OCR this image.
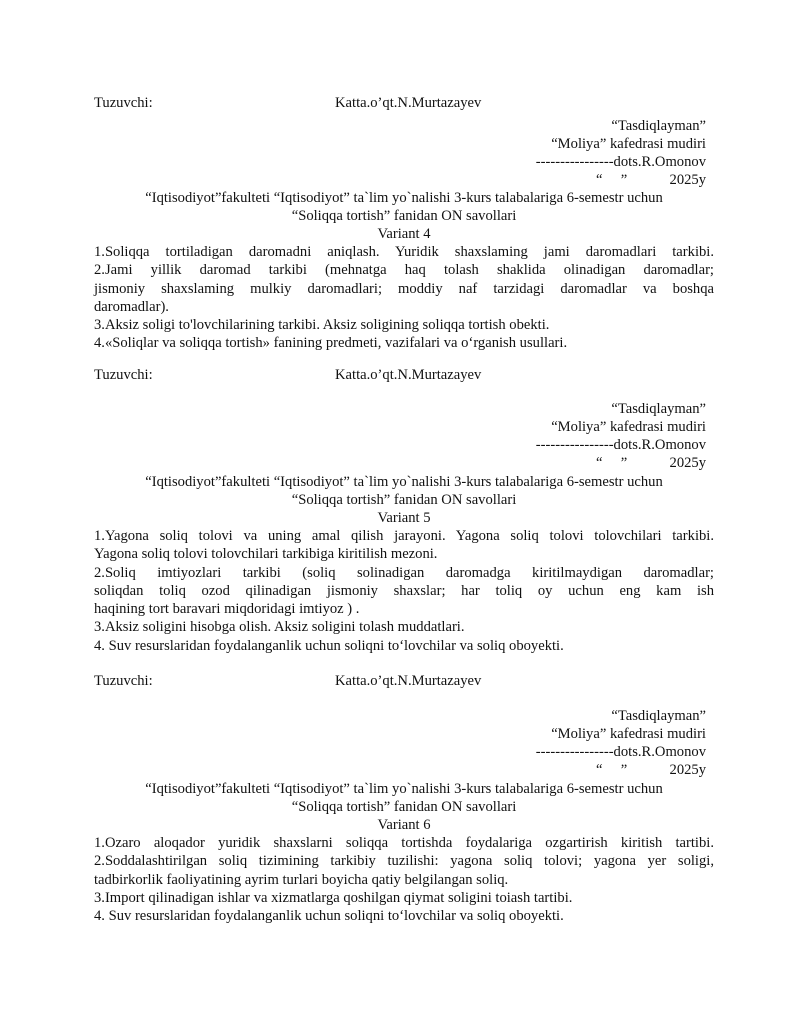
Tuzuvchi:	Katta.o’qt.N.Murtazayev
“Tasdiqlayman”
“Moliya” kafedrasi mudiri
----------------dots.R.Omonov
“     ”	2025y
“Iqtisodiyot”fakulteti “Iqtisodiyot” ta`lim yo`nalishi 3-kurs talabalariga 6-semestr uchun
“Soliqqa tortish” fanidan ON savollari
Variant 4
1.Soliqqa tortiladigan daromadni aniqlash. Yuridik shaxslaming jami daromadlari tarkibi.
2.Jami yillik daromad tarkibi (mehnatga haq tolash shaklida olinadigan daromadlar;
jismoniy shaxslaming mulkiy daromadlari; moddiy naf tarzidagi daromadlar va boshqa
daromadlar).
3.Aksiz soligi to'lovchilarining tarkibi. Aksiz soligining soliqqa tortish obekti.
4.«Soliqlar va soliqqa tortish» fanining predmeti, vazifalari va o‘rganish usullari.
Tuzuvchi:	Katta.o’qt.N.Murtazayev
“Tasdiqlayman”
“Moliya” kafedrasi mudiri
----------------dots.R.Omonov
“     ”	2025y
“Iqtisodiyot”fakulteti “Iqtisodiyot” ta`lim yo`nalishi 3-kurs talabalariga 6-semestr uchun
“Soliqqa tortish” fanidan ON savollari
Variant 5
1.Yagona soliq tolovi va uning amal qilish jarayoni. Yagona soliq tolovi tolovchilari tarkibi.
Yagona soliq tolovi tolovchilari tarkibiga kiritilish mezoni.
2.Soliq imtiyozlari tarkibi (soliq solinadigan daromadga kiritilmaydigan daromadlar;
soliqdan toliq ozod qilinadigan jismoniy shaxslar; har toliq oy uchun eng kam ish
haqining tort baravari miqdoridagi imtiyoz ) .
3.Aksiz soligini hisobga olish. Aksiz soligini tolash muddatlari.
4. Suv resurslaridan foydalanganlik uchun soliqni to‘lovchilar va soliq oboyekti.
Tuzuvchi:	Katta.o’qt.N.Murtazayev
“Tasdiqlayman”
“Moliya” kafedrasi mudiri
----------------dots.R.Omonov
“     ”	2025y
“Iqtisodiyot”fakulteti “Iqtisodiyot” ta`lim yo`nalishi 3-kurs talabalariga 6-semestr uchun
“Soliqqa tortish” fanidan ON savollari
Variant 6
1.Ozaro aloqador yuridik shaxslarni soliqqa tortishda foydalariga ozgartirish kiritish tartibi.
2.Soddalashtirilgan soliq tizimining tarkibiy tuzilishi: yagona soliq tolovi; yagona yer soligi,
tadbirkorlik faoliyatining ayrim turlari boyicha qatiy belgilangan soliq.
3.Import qilinadigan ishlar va xizmatlarga qoshilgan qiymat soligini toiash tartibi.
4. Suv resurslaridan foydalanganlik uchun soliqni to‘lovchilar va soliq oboyekti.
